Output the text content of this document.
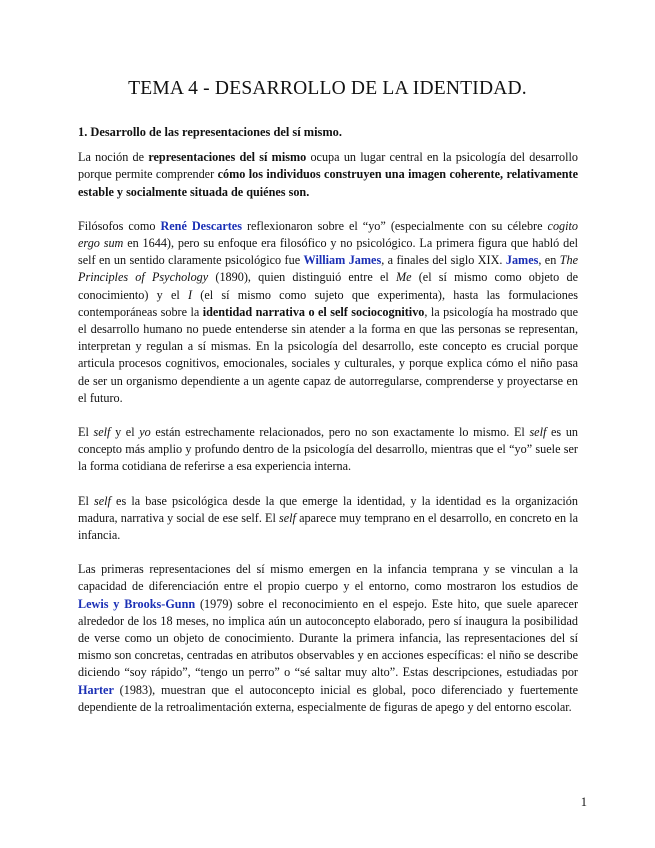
TEMA 4 - DESARROLLO DE LA IDENTIDAD.
1. Desarrollo de las representaciones del sí mismo.

La noción de representaciones del sí mismo ocupa un lugar central en la psicología del desarrollo porque permite comprender cómo los individuos construyen una imagen coherente, relativamente estable y socialmente situada de quiénes son.

Filósofos como René Descartes reflexionaron sobre el “yo” (especialmente con su célebre cogito ergo sum en 1644), pero su enfoque era filosófico y no psicológico. La primera figura que habló del self en un sentido claramente psicológico fue William James, a finales del siglo XIX. James, en The Principles of Psychology (1890), quien distinguió entre el Me (el sí mismo como objeto de conocimiento) y el I (el sí mismo como sujeto que experimenta), hasta las formulaciones contemporáneas sobre la identidad narrativa o el self sociocognitivo, la psicología ha mostrado que el desarrollo humano no puede entenderse sin atender a la forma en que las personas se representan, interpretan y regulan a sí mismas. En la psicología del desarrollo, este concepto es crucial porque articula procesos cognitivos, emocionales, sociales y culturales, y porque explica cómo el niño pasa de ser un organismo dependiente a un agente capaz de autorregularse, comprenderse y proyectarse en el futuro.

El self y el yo están estrechamente relacionados, pero no son exactamente lo mismo. El self es un concepto más amplio y profundo dentro de la psicología del desarrollo, mientras que el “yo” suele ser la forma cotidiana de referirse a esa experiencia interna.

El self es la base psicológica desde la que emerge la identidad, y la identidad es la organización madura, narrativa y social de ese self. El self aparece muy temprano en el desarrollo, en concreto en la infancia.

Las primeras representaciones del sí mismo emergen en la infancia temprana y se vinculan a la capacidad de diferenciación entre el propio cuerpo y el entorno, como mostraron los estudios de Lewis y Brooks-Gunn (1979) sobre el reconocimiento en el espejo. Este hito, que suele aparecer alrededor de los 18 meses, no implica aún un autoconcepto elaborado, pero sí inaugura la posibilidad de verse como un objeto de conocimiento. Durante la primera infancia, las representaciones del sí mismo son concretas, centradas en atributos observables y en acciones específicas: el niño se describe diciendo “soy rápido”, “tengo un perro” o “sé saltar muy alto”. Estas descripciones, estudiadas por Harter (1983), muestran que el autoconcepto inicial es global, poco diferenciado y fuertemente dependiente de la retroalimentación externa, especialmente de figuras de apego y del entorno escolar.

1
